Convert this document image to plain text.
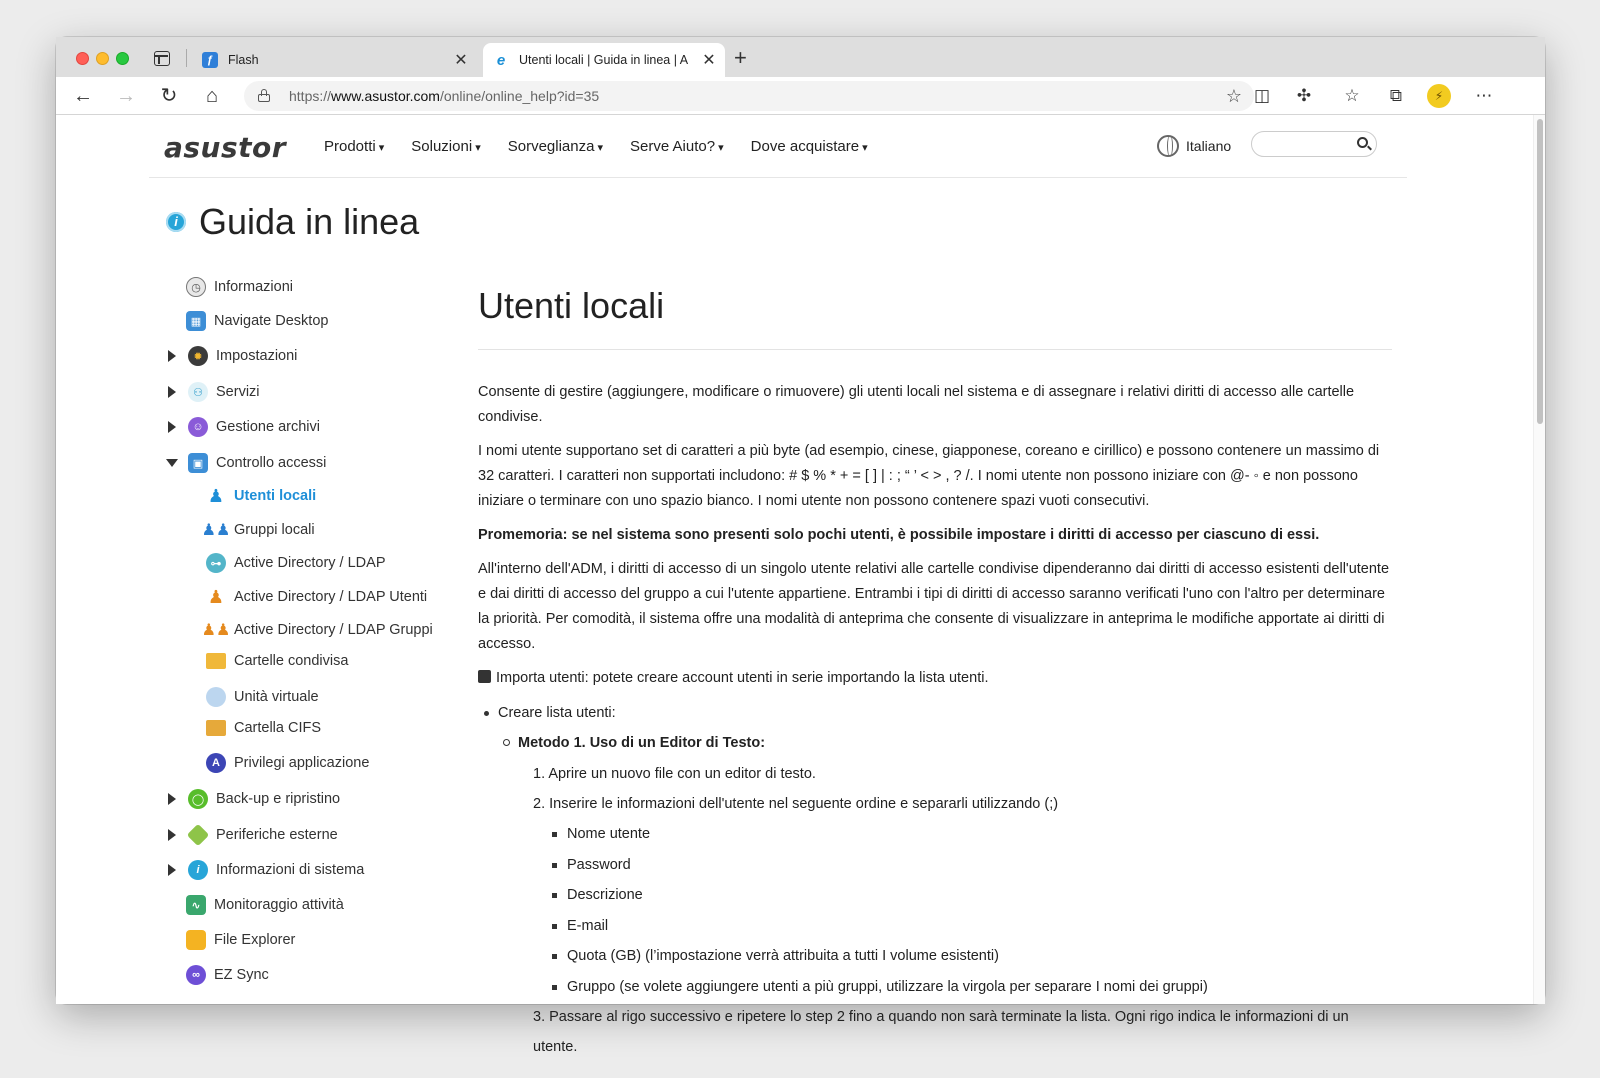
ƒ	Flash	✕ e	Utenti locali | Guida in linea | A ✕ +
← → ↻	⌂	https://www.asustor.com/online/online_help?id=35	☆ ◫ ✣ ☆	⧉	⚡	⋯
asustor	Prodotti ▾	Soluzioni ▾	Sorveglianza ▾	Serve Aiuto? ▾	Dove acquistare ▾	Italiano
i Guida in linea
◷ Informazioni
▦ Navigate Desktop
✹ Impostazioni
⚇ Servizi
☺ Gestione archivi
▣ Controllo accessi
♟ Utenti locali
♟♟ Gruppi locali
⊶ Active Directory / LDAP
♟ Active Directory / LDAP Utenti
♟♟ Active Directory / LDAP Gruppi
Cartelle condivisa
Unità virtuale
Cartella CIFS
A Privilegi applicazione
◯ Back-up e ripristino
Periferiche esterne
i	Informazioni di sistema
∿ Monitoraggio attività
File Explorer
∞ EZ Sync
Utenti locali

Consente di gestire (aggiungere, modificare o rimuovere) gli utenti locali nel sistema e di assegnare i relativi diritti di accesso alle cartelle condivise.

I nomi utente supportano set di caratteri a più byte (ad esempio, cinese, giapponese, coreano e cirillico) e possono contenere un massimo di 32 caratteri. I caratteri non supportati includono: # $ % * + = [ ] | : ; “ ’ < > , ? /. I nomi utente non possono iniziare con @- ◦ e non possono iniziare o terminare con uno spazio bianco. I nomi utente non possono contenere spazi vuoti consecutivi.

Promemoria: se nel sistema sono presenti solo pochi utenti, è possibile impostare i diritti di accesso per ciascuno di essi.

All'interno dell'ADM, i diritti di accesso di un singolo utente relativi alle cartelle condivise dipenderanno dai diritti di accesso esistenti dell'utente e dai diritti di accesso del gruppo a cui l'utente appartiene. Entrambi i tipi di diritti di accesso saranno verificati l'uno con l'altro per determinare la priorità. Per comodità, il sistema offre una modalità di anteprima che consente di visualizzare in anteprima le modifiche apportate ai diritti di accesso.

Importa utenti: potete creare account utenti in serie importando la lista utenti.

Creare lista utenti:
Metodo 1. Uso di un Editor di Testo:
1. Aprire un nuovo file con un editor di testo.
2. Inserire le informazioni dell'utente nel seguente ordine e separarli utilizzando (;)
Nome utente
Password
Descrizione
E-mail
Quota (GB) (l’impostazione verrà attribuita a tutti I volume esistenti)
Gruppo (se volete aggiungere utenti a più gruppi, utilizzare la virgola per separare I nomi dei gruppi)
3. Passare al rigo successivo e ripetere lo step 2 fino a quando non sarà terminate la lista. Ogni rigo indica le informazioni di un utente.
